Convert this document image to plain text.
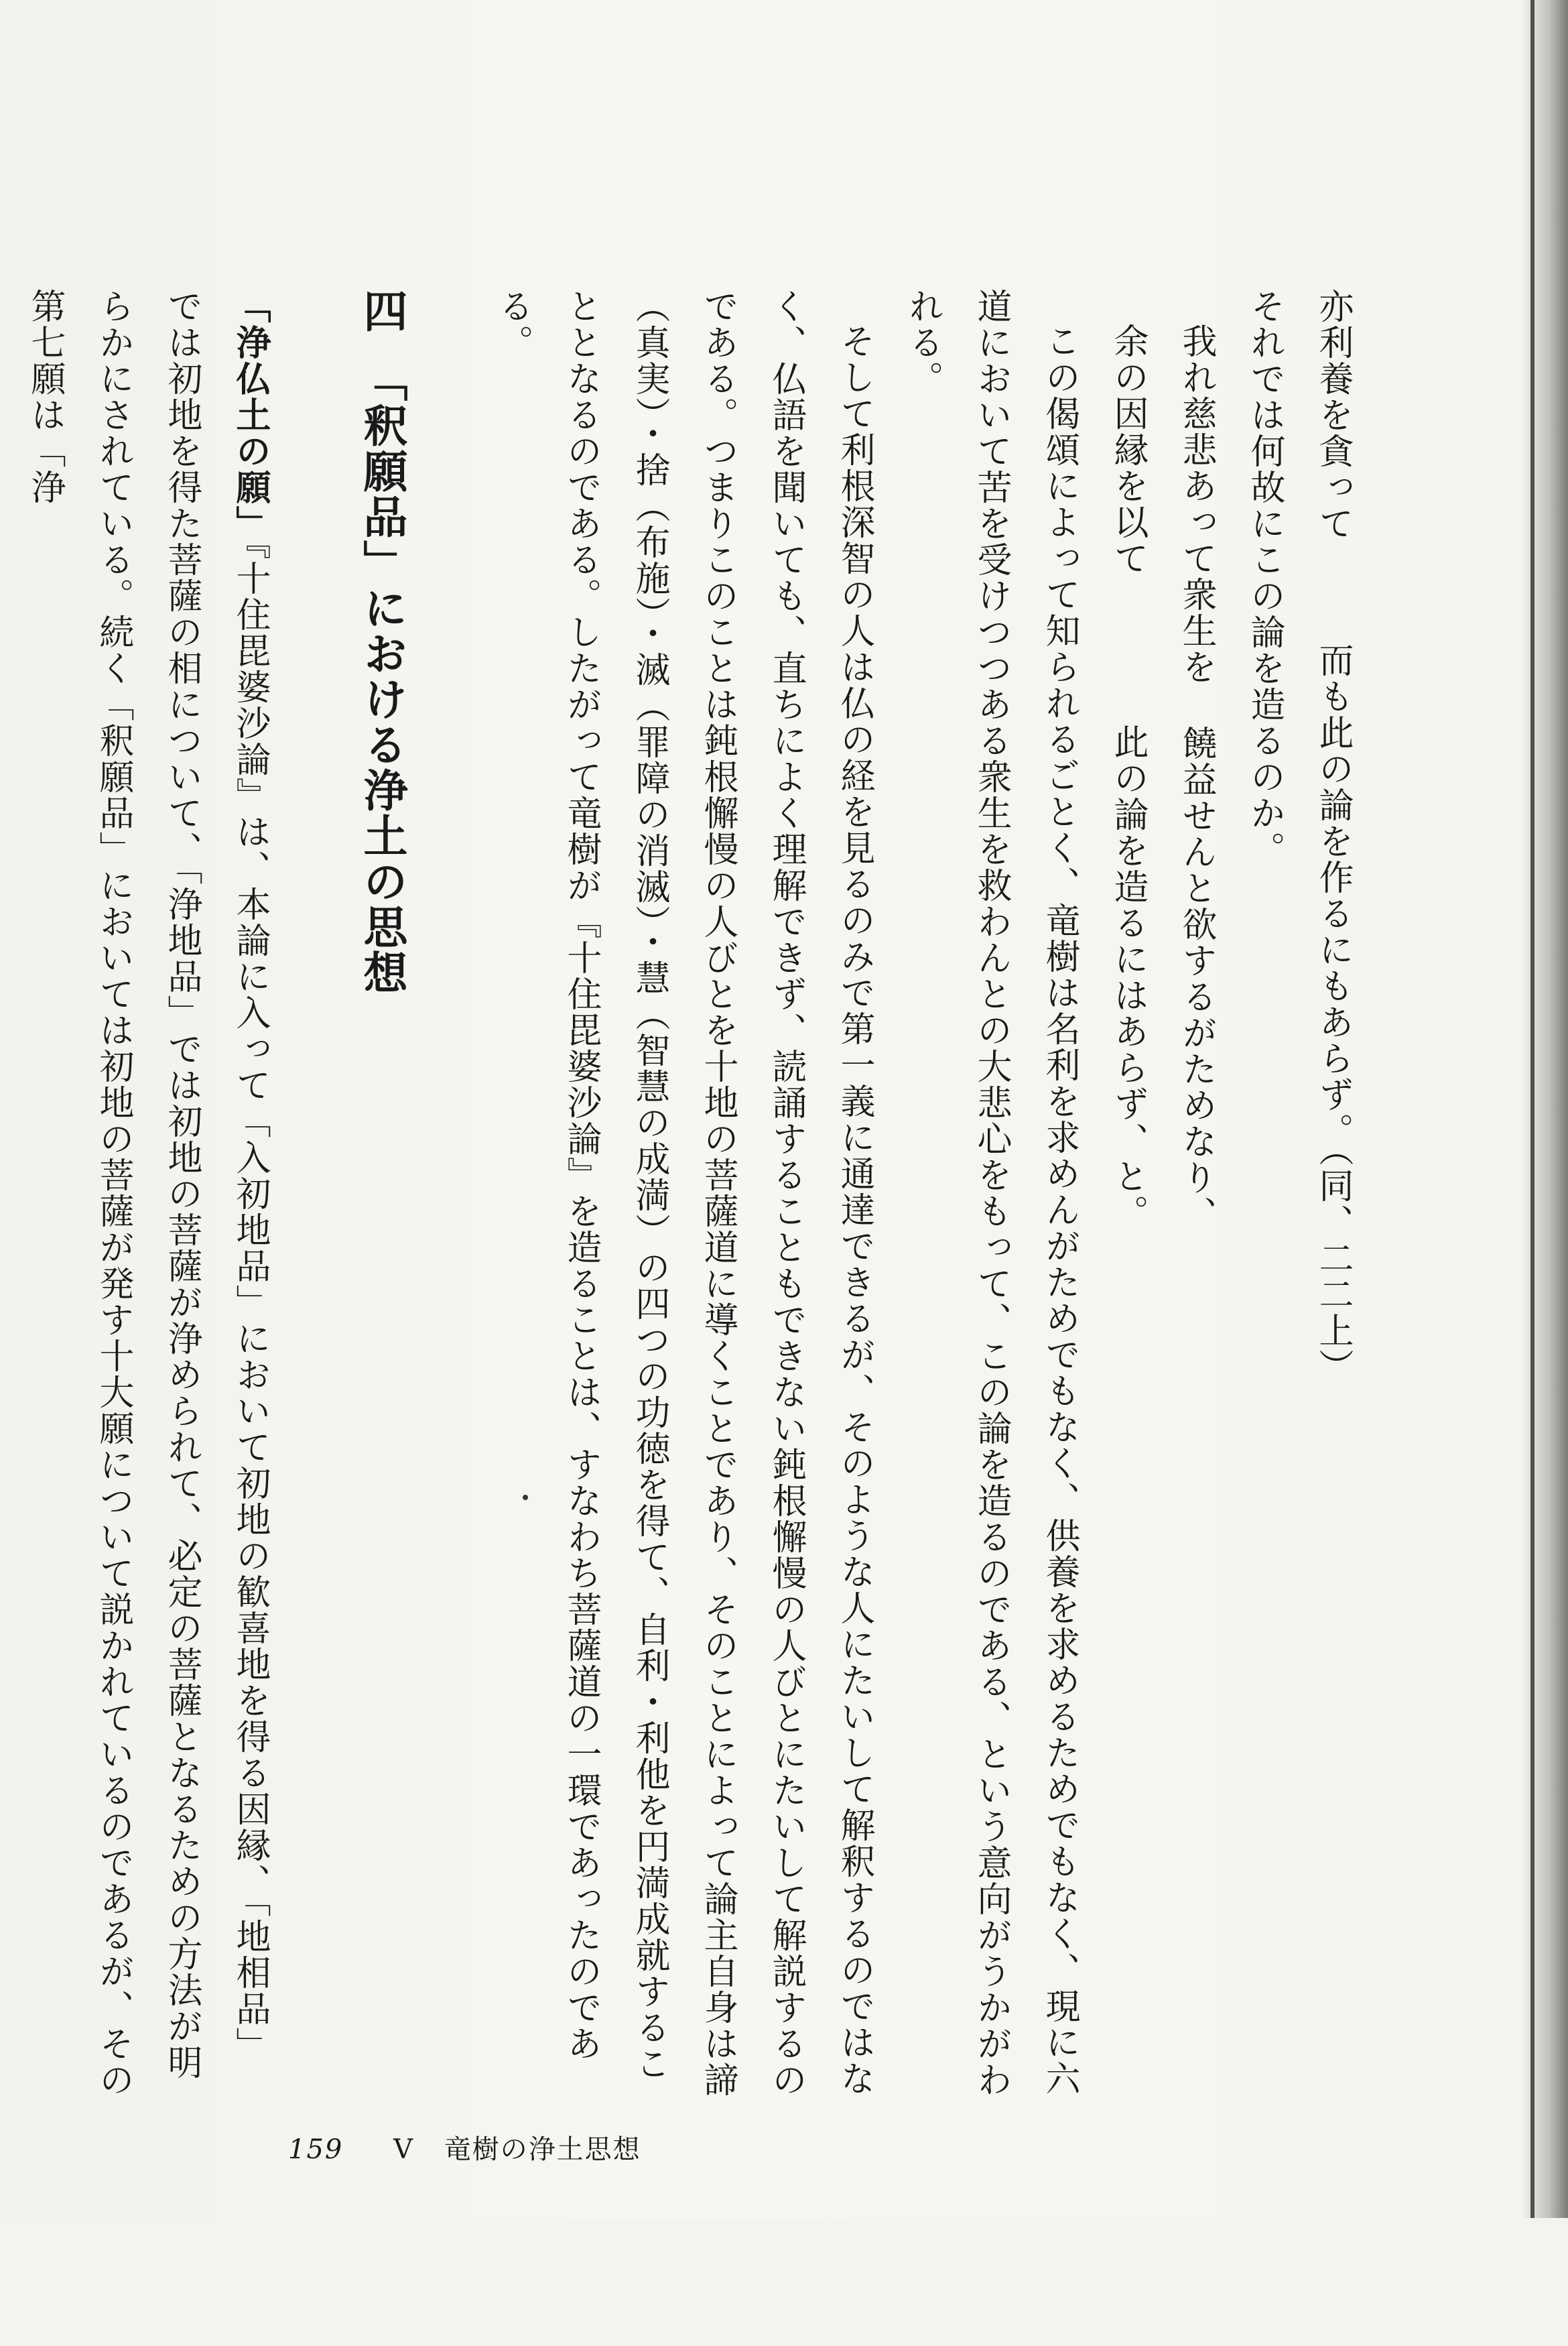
亦利養を貪って而も此の論を作るにもあらず。（同、二二上）

それでは何故にこの論を造るのか。

我れ慈悲あって衆生を饒益せんと欲するがためなり、

余の因縁を以て此の論を造るにはあらず、と。

この偈頌によって知られるごとく、竜樹は名利を求めんがためでもなく、供養を求めるためでもなく、現に六道において苦を受けつつある衆生を救わんとの大悲心をもって、この論を造るのである、という意向がうかがわれる。

そして利根深智の人は仏の経を見るのみで第一義に通達できるが、そのような人にたいして解釈するのではなく、仏語を聞いても、直ちによく理解できず、読誦することもできない鈍根懈慢の人びとにたいして解説するのである。つまりこのことは鈍根懈慢の人びとを十地の菩薩道に導くことであり、そのことによって論主自身は諦（真実）・捨（布施）・滅（罪障の消滅）・慧（智慧の成満）の四つの功徳を得て、自利・利他を円満成就することとなるのである。したがって竜樹が『十住毘婆沙論』を造ることは、すなわち菩薩道の一環であったのである。

四　「釈願品」における浄土の思想

「浄仏土の願」『十住毘婆沙論』は、本論に入って「入初地品」において初地の歓喜地を得る因縁、「地相品」では初地を得た菩薩の相について、「浄地品」では初地の菩薩が浄められて、必定の菩薩となるための方法が明らかにされている。続く「釈願品」においては初地の菩薩が発す十大願について説かれているのであるが、その第七願は「浄

159 V 竜樹の浄土思想
